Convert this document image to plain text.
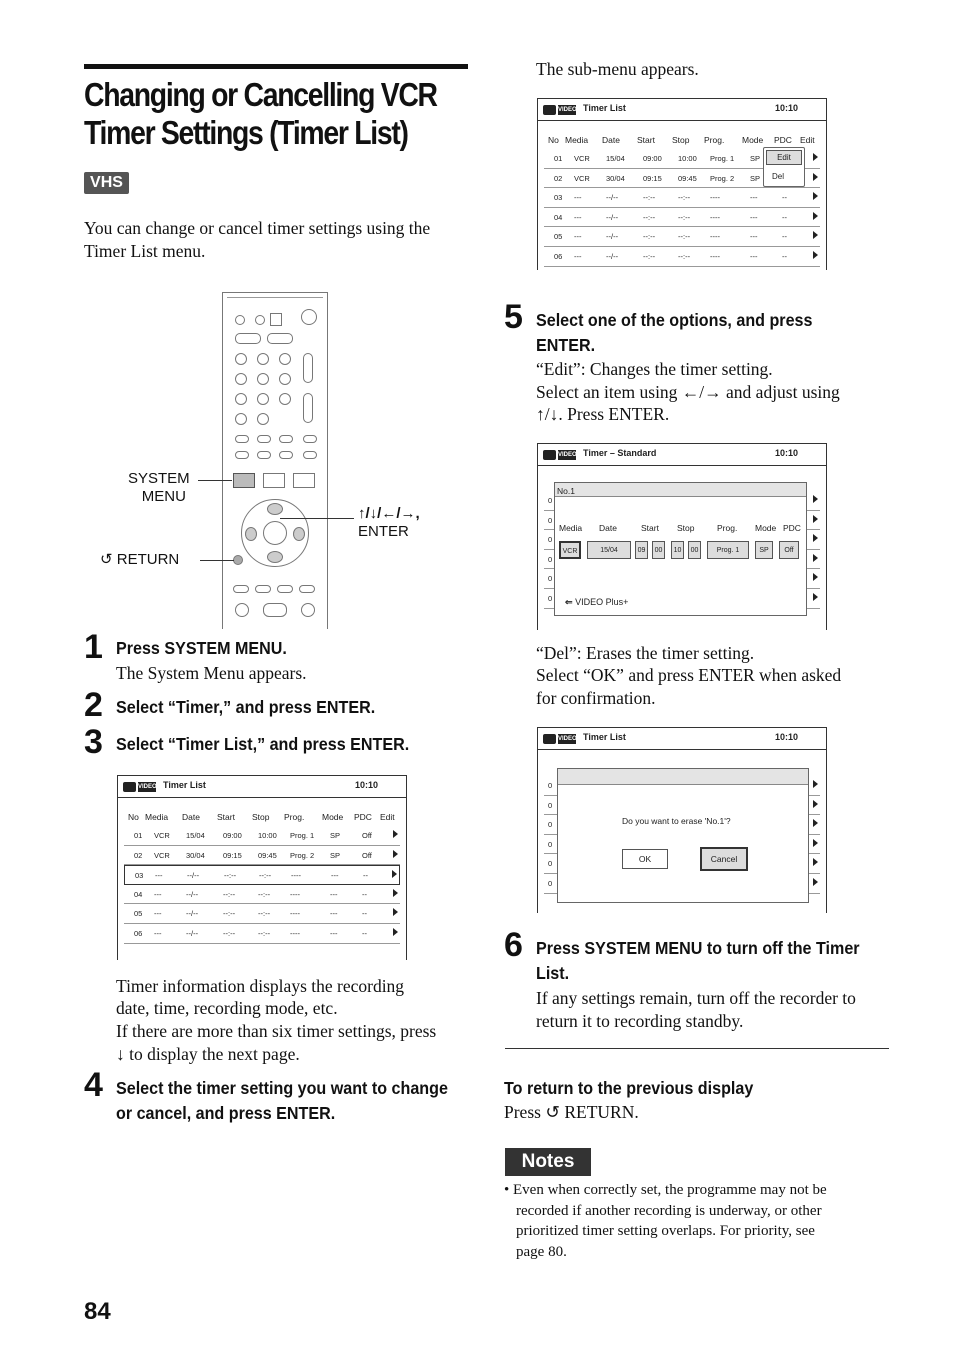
Changing or Cancelling VCR Timer Settings (Timer List)
VHS
You can change or cancel timer settings using the Timer List menu.
SYSTEM
MENU
↺ RETURN
↑/↓/←/→,
ENTER
1 Press SYSTEM MENU.
The System Menu appears.
2 Select “Timer,” and press ENTER.
3 Select “Timer List,” and press ENTER.
VIDEO Timer List	10:10
No Media Date Start Stop Prog. Mode PDC Edit
01 VCR 15/04 09:00 10:00 Prog. 1 SP	Off
02 VCR 30/04 09:15 09:45 Prog. 2 SP	Off
03 ---	--/--	--:--	--:--	----	---	--
04 ---	--/--	--:--	--:--	----	---	--
05 ---	--/--	--:--	--:--	----	---	--
06 ---	--/--	--:--	--:--	----	---	--
Timer information displays the recording
date, time, recording mode, etc.
If there are more than six timer settings, press
↓ to display the next page.
4 Select the timer setting you want to change
or cancel, and press ENTER.
84
The sub-menu appears.
VIDEO Timer List	10:10
No Media Date Start Stop Prog. Mode PDC Edit
01 VCR 15/04 09:00 10:00 Prog. 1 SP
02 VCR 30/04 09:15 09:45 Prog. 2 SP
03 ---	--/--	--:--	--:--	----	---	--
04 ---	--/--	--:--	--:--	----	---	--
05 ---	--/--	--:--	--:--	----	---	--
06 ---	--/--	--:--	--:--	----	---	--
Edit
Del
5 Select one of the options, and press
ENTER.
“Edit”: Changes the timer setting.
Select an item using ←/→ and adjust using
↑/↓. Press ENTER.
VIDEO Timer – Standard	10:10
0
0
0
0
0
0
No.1
Media Date	Start Stop	Prog. Mode PDC
VCR	15/04	09	00	10	00	Prog. 1	SP	Off
⇐ VIDEO Plus+
“Del”: Erases the timer setting.
Select “OK” and press ENTER when asked
for confirmation.
VIDEO Timer List	10:10
0
0
0
0
0
0
Do you want to erase 'No.1'?
OK	Cancel
6 Press SYSTEM MENU to turn off the Timer
List.
If any settings remain, turn off the recorder to
return it to recording standby.
To return to the previous display
Press ↺ RETURN.
Notes
• Even when correctly set, the programme may not be
recorded if another recording is underway, or other
prioritized timer setting overlaps. For priority, see
page 80.
